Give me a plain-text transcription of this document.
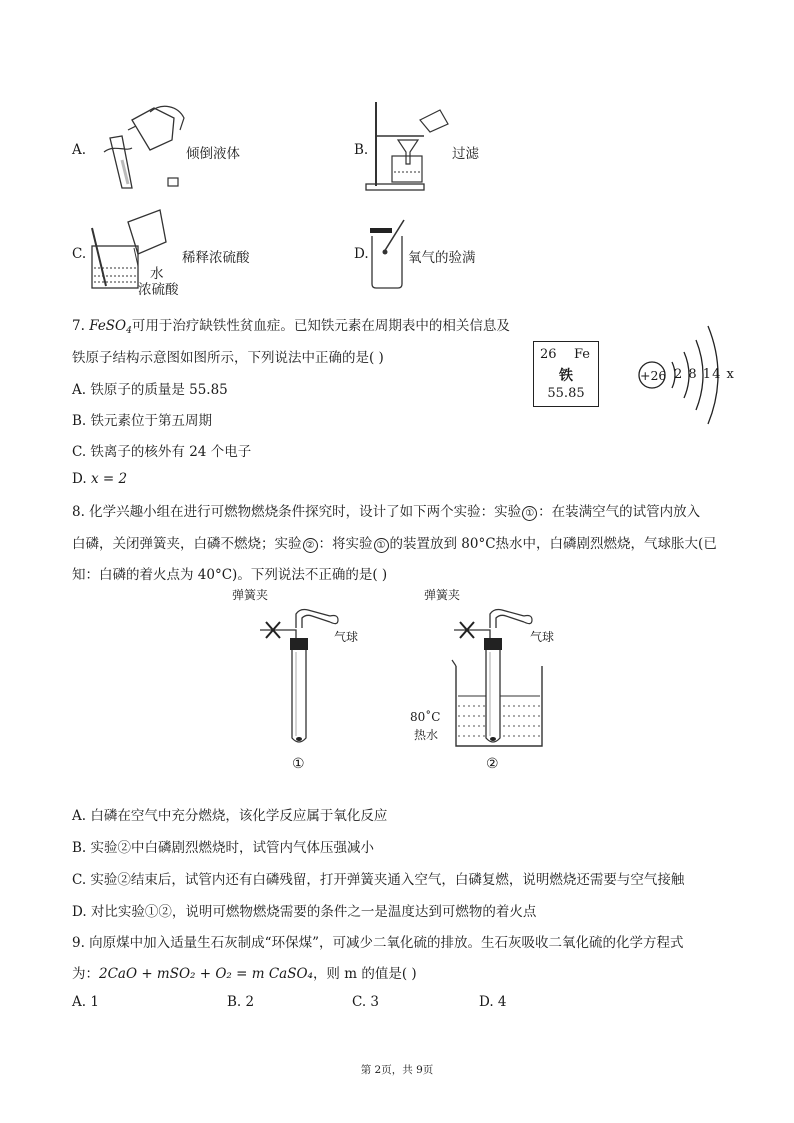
A.	倾倒液体	B.	过滤
C.
水
浓硫酸
稀释浓硫酸	D.	氧气的验满
7. FeSO$_4$可用于治疗缺铁性贫血症。已知铁元素在周期表中的相关信息及
铁原子结构示意图如图所示，下列说法中正确的是( )
A. 铁原子的质量是 55.85
B. 铁元素位于第五周期
C. 铁离子的核外有 24 个电子
D. x = 2
26 Fe
铁
55.85
+26 2 8 14 x
8. 化学兴趣小组在进行可燃物燃烧条件探究时，设计了如下两个实验：实验 ① ：在装满空气的试管内放入
白磷，关闭弹簧夹，白磷不燃烧；实验 ② ：将实验 ① 的装置放到 80°C热水中，白磷剧烈燃烧，气球胀大(已
知：白磷的着火点为 40°C)。下列说法不正确的是( )
弹簧夹
气球
①
弹簧夹
气球
80˚C
热水
②
A. 白磷在空气中充分燃烧，该化学反应属于氧化反应
B. 实验②中白磷剧烈燃烧时，试管内气体压强减小
C. 实验②结束后，试管内还有白磷残留，打开弹簧夹通入空气，白磷复燃，说明燃烧还需要与空气接触
D. 对比实验①②，说明可燃物燃烧需要的条件之一是温度达到可燃物的着火点
9. 向原煤中加入适量生石灰制成“环保煤”，可减少二氧化硫的排放。生石灰吸收二氧化硫的化学方程式
为：2CaO + mSO₂ + O₂ = m CaSO₄，则 m 的值是( )
A. 1	B. 2	C. 3	D. 4
第 2页，共 9页
